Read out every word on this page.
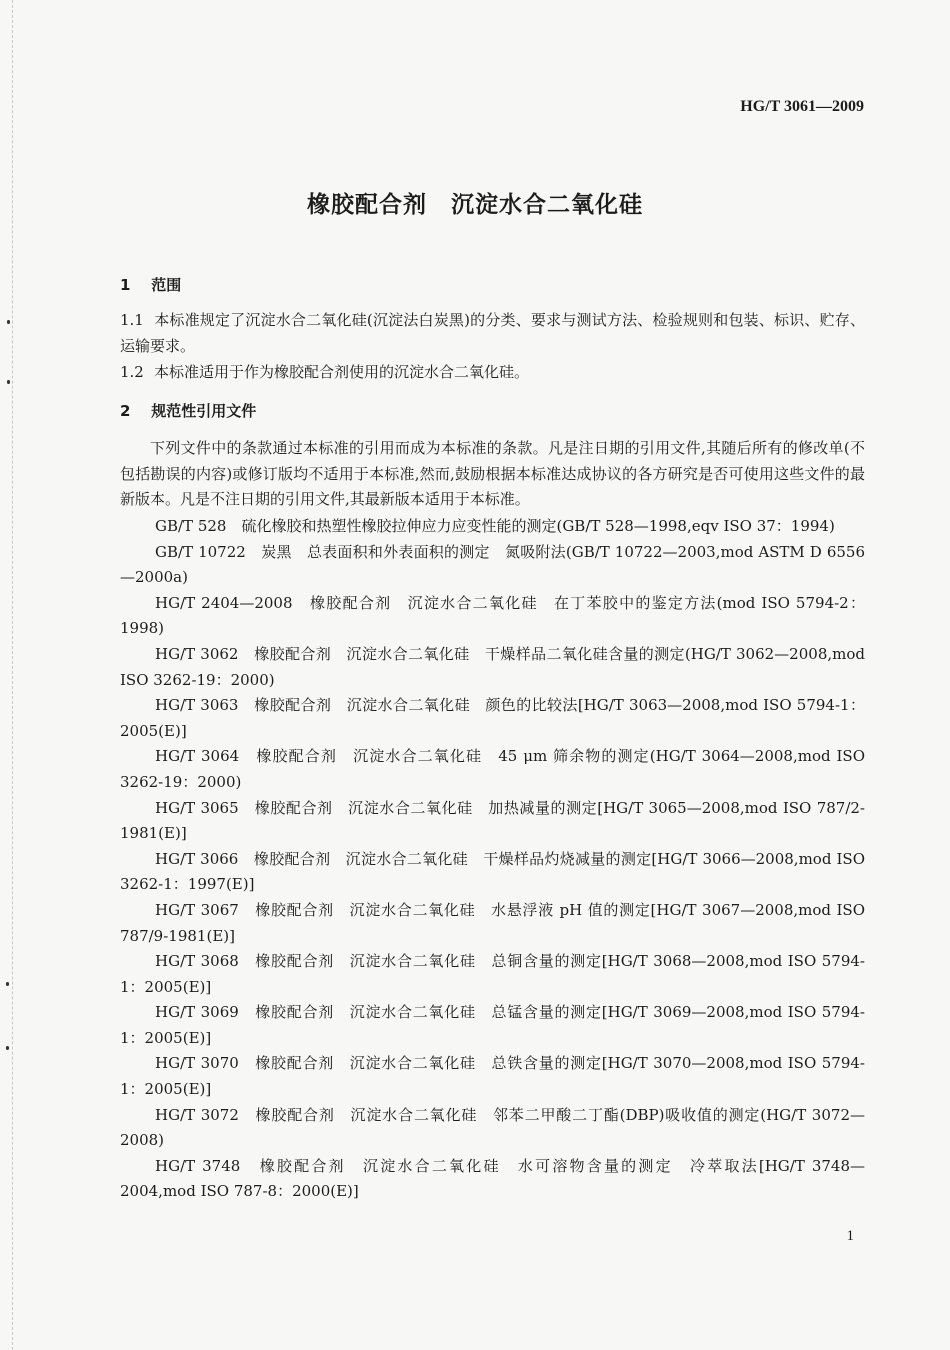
HG/T 3061—2009
橡胶配合剂　沉淀水合二氧化硅
1 范围
1.1 本标准规定了沉淀水合二氧化硅(沉淀法白炭黑)的分类、要求与测试方法、检验规则和包装、标识、贮存、运输要求。
1.2 本标准适用于作为橡胶配合剂使用的沉淀水合二氧化硅。
2 规范性引用文件
下列文件中的条款通过本标准的引用而成为本标准的条款。凡是注日期的引用文件,其随后所有的修改单(不包括勘误的内容)或修订版均不适用于本标准,然而,鼓励根据本标准达成协议的各方研究是否可使用这些文件的最新版本。凡是不注日期的引用文件,其最新版本适用于本标准。

GB/T 528　硫化橡胶和热塑性橡胶拉伸应力应变性能的测定(GB/T 528—1998,eqv ISO 37：1994)

GB/T 10722　炭黑　总表面积和外表面积的测定　氮吸附法(GB/T 10722—2003,mod ASTM D 6556—2000a)

HG/T 2404—2008　橡胶配合剂　沉淀水合二氧化硅　在丁苯胶中的鉴定方法(mod ISO 5794-2：1998)

HG/T 3062　橡胶配合剂　沉淀水合二氧化硅　干燥样品二氧化硅含量的测定(HG/T 3062—2008,mod ISO 3262-19：2000)

HG/T 3063　橡胶配合剂　沉淀水合二氧化硅　颜色的比较法[HG/T 3063—2008,mod ISO 5794-1：2005(E)]

HG/T 3064　橡胶配合剂　沉淀水合二氧化硅　45 μm 筛余物的测定(HG/T 3064—2008,mod ISO 3262-19：2000)

HG/T 3065　橡胶配合剂　沉淀水合二氧化硅　加热减量的测定[HG/T 3065—2008,mod ISO 787/2-1981(E)]

HG/T 3066　橡胶配合剂　沉淀水合二氧化硅　干燥样品灼烧减量的测定[HG/T 3066—2008,mod ISO 3262-1：1997(E)]

HG/T 3067　橡胶配合剂　沉淀水合二氧化硅　水悬浮液 pH 值的测定[HG/T 3067—2008,mod ISO 787/9-1981(E)]

HG/T 3068　橡胶配合剂　沉淀水合二氧化硅　总铜含量的测定[HG/T 3068—2008,mod ISO 5794-1：2005(E)]

HG/T 3069　橡胶配合剂　沉淀水合二氧化硅　总锰含量的测定[HG/T 3069—2008,mod ISO 5794-1：2005(E)]

HG/T 3070　橡胶配合剂　沉淀水合二氧化硅　总铁含量的测定[HG/T 3070—2008,mod ISO 5794-1：2005(E)]

HG/T 3072　橡胶配合剂　沉淀水合二氧化硅　邻苯二甲酸二丁酯(DBP)吸收值的测定(HG/T 3072—2008)

HG/T 3748　橡胶配合剂　沉淀水合二氧化硅　水可溶物含量的测定　冷萃取法[HG/T 3748—2004,mod ISO 787-8：2000(E)]

1
